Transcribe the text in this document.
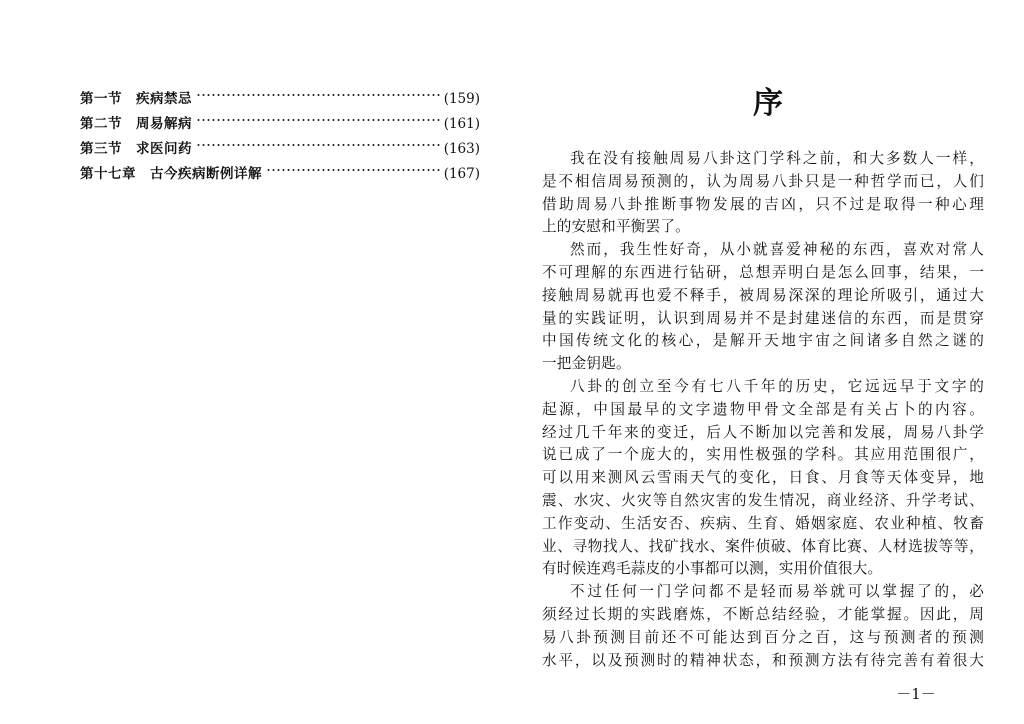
第一节　疾病禁忌	(159)
第二节　周易解病	(161)
第三节　求医问药	(163)
第十七章　古今疾病断例详解	(167)
序
我在没有接触周易八卦这门学科之前，和大多数人一样，
是不相信周易预测的，认为周易八卦只是一种哲学而已，人们
借助周易八卦推断事物发展的吉凶，只不过是取得一种心理
上的安慰和平衡罢了。
然而，我生性好奇，从小就喜爱神秘的东西，喜欢对常人
不可理解的东西进行钻研，总想弄明白是怎么回事，结果，一
接触周易就再也爱不释手，被周易深深的理论所吸引，通过大
量的实践证明，认识到周易并不是封建迷信的东西，而是贯穿
中国传统文化的核心，是解开天地宇宙之间诸多自然之谜的
一把金钥匙。
八卦的创立至今有七八千年的历史，它远远早于文字的
起源，中国最早的文字遗物甲骨文全部是有关占卜的内容。
经过几千年来的变迁，后人不断加以完善和发展，周易八卦学
说已成了一个庞大的，实用性极强的学科。其应用范围很广，
可以用来测风云雪雨天气的变化，日食、月食等天体变异，地
震、水灾、火灾等自然灾害的发生情况，商业经济、升学考试、
工作变动、生活安否、疾病、生育、婚姻家庭、农业种植、牧畜
业、寻物找人、找矿找水、案件侦破、体育比赛、人材选拔等等，
有时候连鸡毛蒜皮的小事都可以测，实用价值很大。
不过任何一门学问都不是轻而易举就可以掌握了的，必
须经过长期的实践磨炼，不断总结经验，才能掌握。因此，周
易八卦预测目前还不可能达到百分之百，这与预测者的预测
水平，以及预测时的精神状态，和预测方法有待完善有着很大
－1－
